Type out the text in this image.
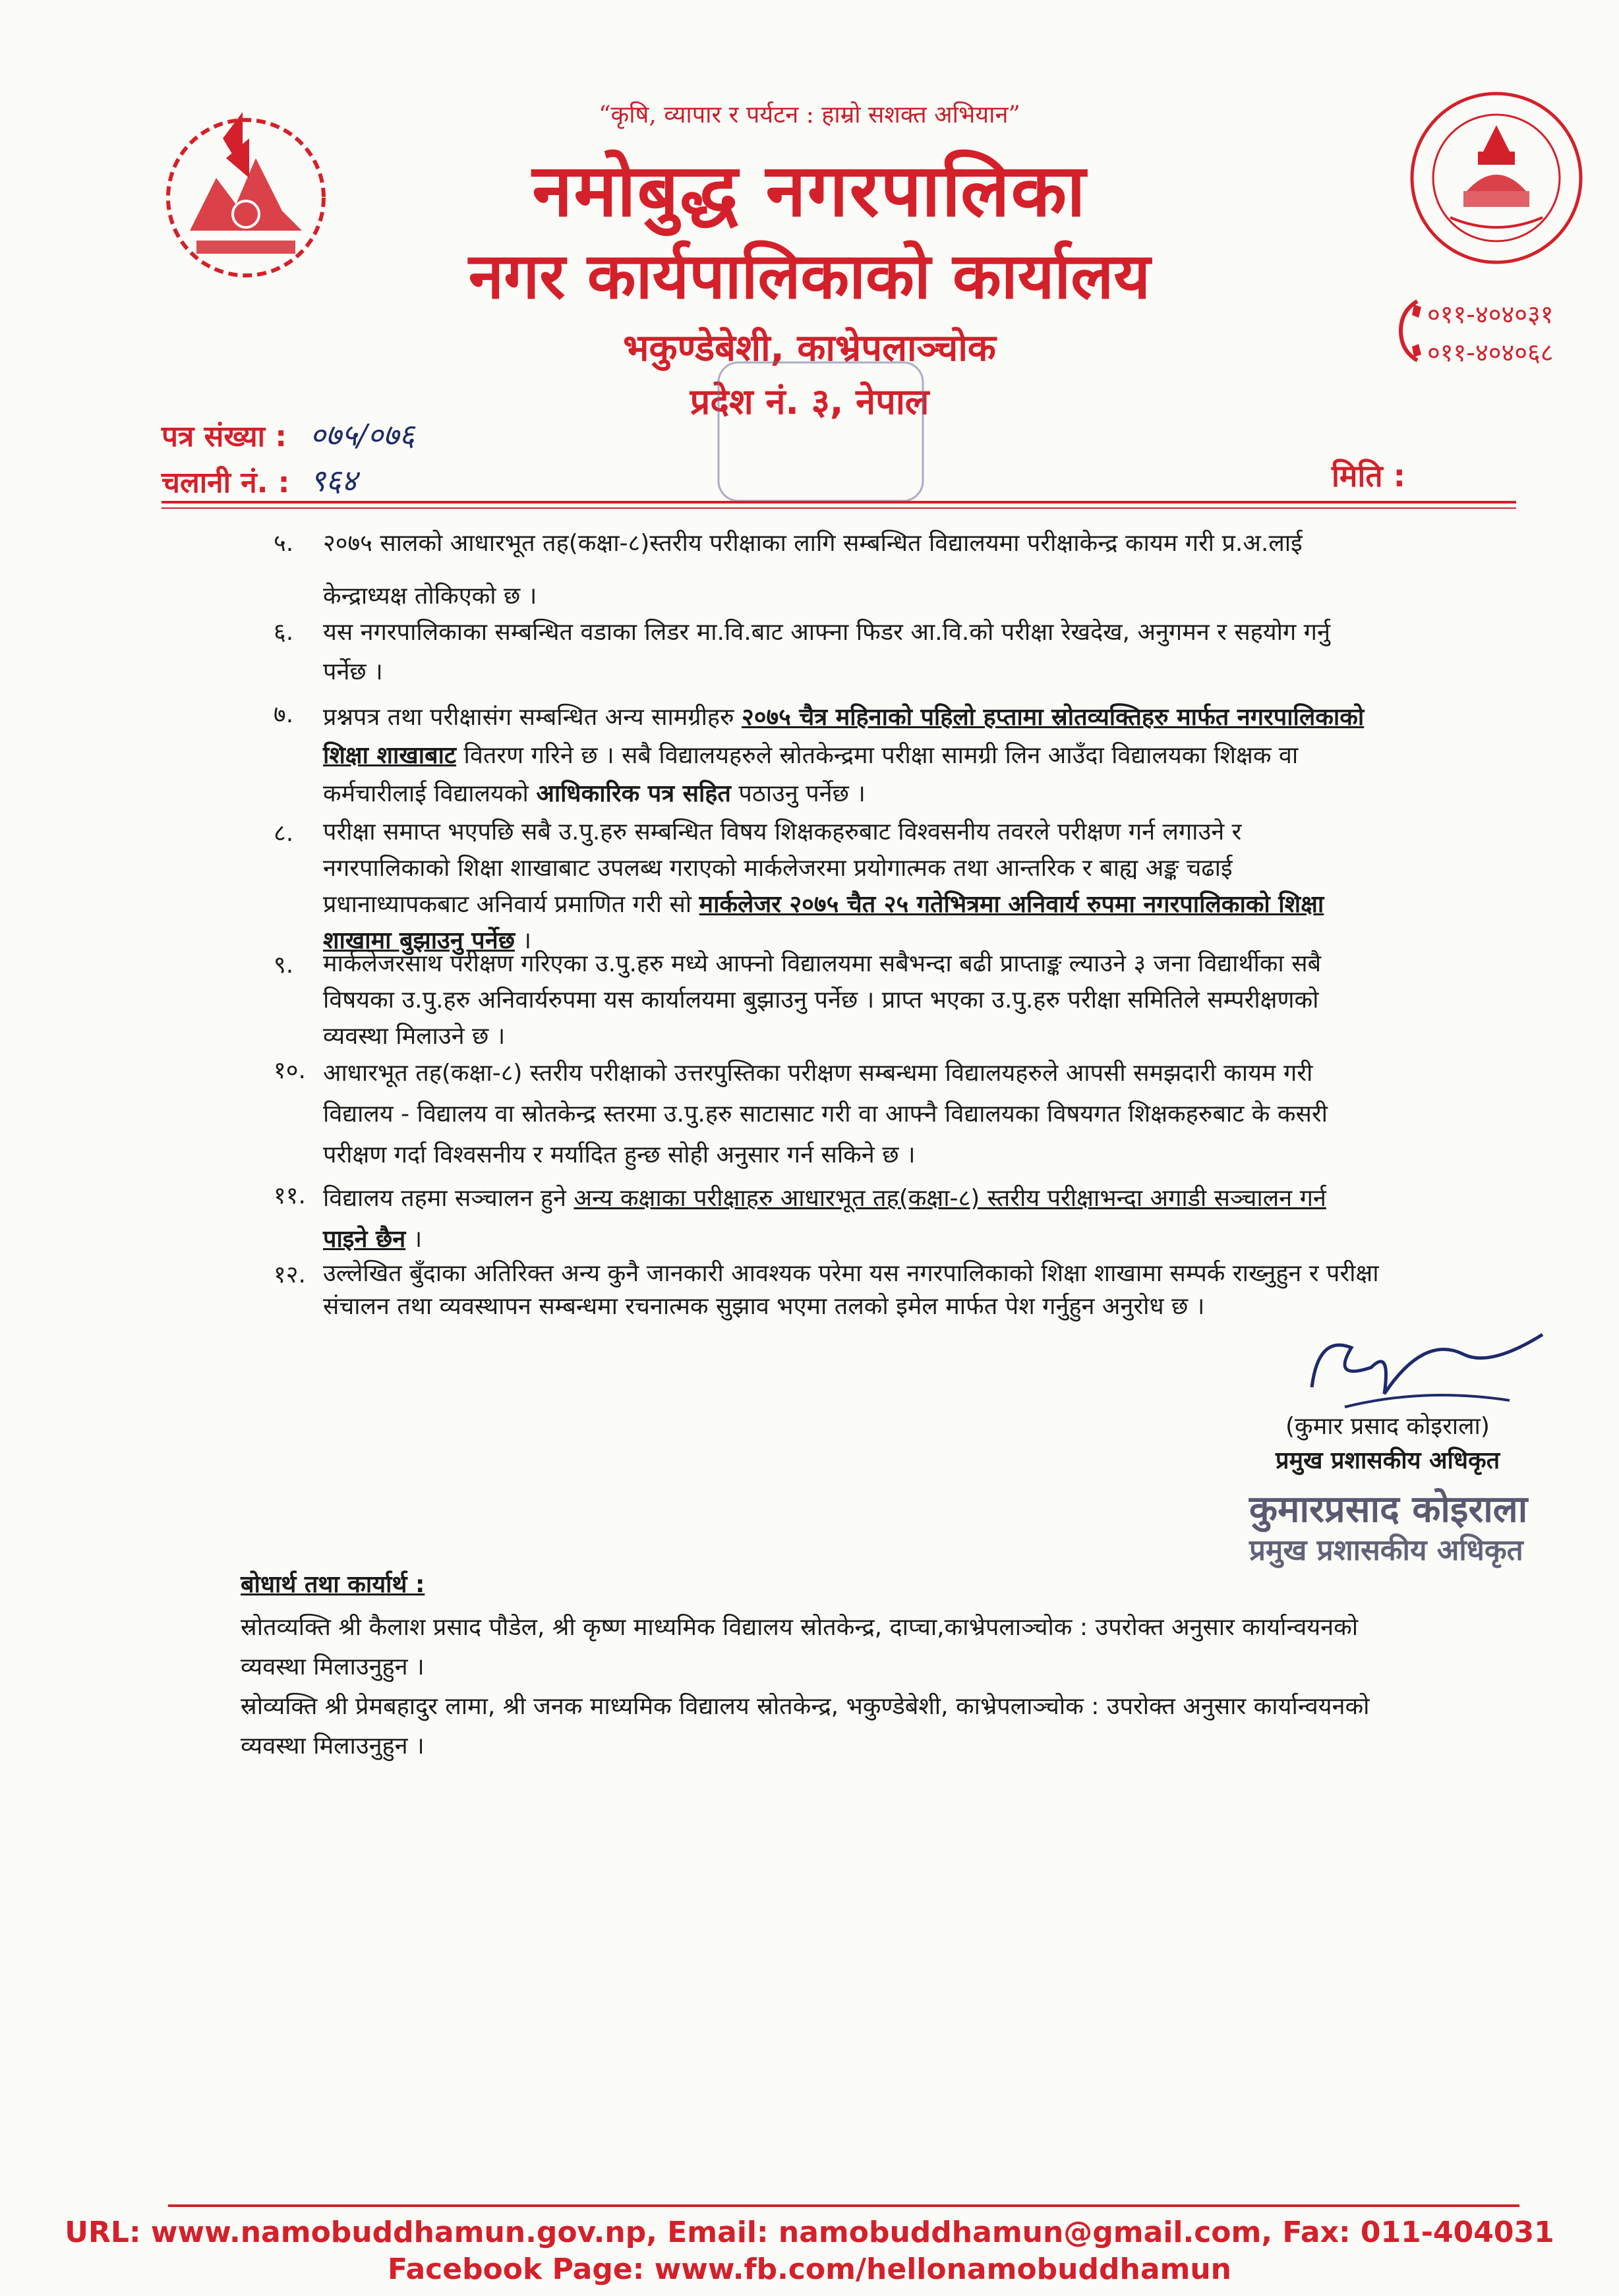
“कृषि, व्यापार र पर्यटन : हाम्रो सशक्त अभियान”
नमोबुद्ध नगरपालिका
नगर कार्यपालिकाको कार्यालय
भकुण्डेबेशी, काभ्रेपलाञ्चोक
प्रदेश नं. ३, नेपाल
०११-४०४०३१
०११-४०४०६८
पत्र संख्या : ०७५/०७६
चलानी नं. : ९६४	मिति :
५.	२०७५ सालको आधारभूत तह(कक्षा-८)स्तरीय परीक्षाका लागि सम्बन्धित विद्यालयमा परीक्षाकेन्द्र कायम गरी प्र.अ.लाई
केन्द्राध्यक्ष तोकिएको छ ।
६.	यस नगरपालिकाका सम्बन्धित वडाका लिडर मा.वि.बाट आफ्ना फिडर आ.वि.को परीक्षा रेखदेख, अनुगमन र सहयोग गर्नु
पर्नेछ ।
७.	प्रश्नपत्र तथा परीक्षासंग सम्बन्धित अन्य सामग्रीहरु २०७५ चैत्र महिनाको पहिलो हप्तामा स्रोतव्यक्तिहरु मार्फत नगरपालिकाको
शिक्षा शाखाबाट वितरण गरिने छ । सबै विद्यालयहरुले स्रोतकेन्द्रमा परीक्षा सामग्री लिन आउँदा विद्यालयका शिक्षक वा
कर्मचारीलाई विद्यालयको आधिकारिक पत्र सहित पठाउनु पर्नेछ ।
८.	परीक्षा समाप्त भएपछि सबै उ.पु.हरु सम्बन्धित विषय शिक्षकहरुबाट विश्वसनीय तवरले परीक्षण गर्न लगाउने र
नगरपालिकाको शिक्षा शाखाबाट उपलब्ध गराएको मार्कलेजरमा प्रयोगात्मक तथा आन्तरिक र बाह्य अङ्क चढाई
प्रधानाध्यापकबाट अनिवार्य प्रमाणित गरी सो मार्कलेजर २०७५ चैत २५ गतेभित्रमा अनिवार्य रुपमा नगरपालिकाको शिक्षा
शाखामा बुझाउनु पर्नेछ ।
९.	मार्कलेजरसाथ परीक्षण गरिएका उ.पु.हरु मध्ये आफ्नो विद्यालयमा सबैभन्दा बढी प्राप्ताङ्क ल्याउने ३ जना विद्यार्थीका सबै
विषयका उ.पु.हरु अनिवार्यरुपमा यस कार्यालयमा बुझाउनु पर्नेछ । प्राप्त भएका उ.पु.हरु परीक्षा समितिले सम्परीक्षणको
व्यवस्था मिलाउने छ ।
१०. आधारभूत तह(कक्षा-८) स्तरीय परीक्षाको उत्तरपुस्तिका परीक्षण सम्बन्धमा विद्यालयहरुले आपसी समझदारी कायम गरी
विद्यालय - विद्यालय वा स्रोतकेन्द्र स्तरमा उ.पु.हरु साटासाट गरी वा आफ्नै विद्यालयका विषयगत शिक्षकहरुबाट के कसरी
परीक्षण गर्दा विश्वसनीय र मर्यादित हुन्छ सोही अनुसार गर्न सकिने छ ।
११. विद्यालय तहमा सञ्चालन हुने अन्य कक्षाका परीक्षाहरु आधारभूत तह(कक्षा-८) स्तरीय परीक्षाभन्दा अगाडी सञ्चालन गर्न
पाइने छैन ।
१२. उल्लेखित बुँदाका अतिरिक्त अन्य कुनै जानकारी आवश्यक परेमा यस नगरपालिकाको शिक्षा शाखामा सम्पर्क राख्नुहुन र परीक्षा
संचालन तथा व्यवस्थापन सम्बन्धमा रचनात्मक सुझाव भएमा तलको इमेल मार्फत पेश गर्नुहुन अनुरोध छ ।
(कुमार प्रसाद कोइराला)
प्रमुख प्रशासकीय अधिकृत
कुमारप्रसाद कोइराला
प्रमुख प्रशासकीय अधिकृत
बोधार्थ तथा कार्यार्थ :
स्रोतव्यक्ति श्री कैलाश प्रसाद पौडेल, श्री कृष्ण माध्यमिक विद्यालय स्रोतकेन्द्र, दाप्चा,काभ्रेपलाञ्चोक : उपरोक्त अनुसार कार्यान्वयनको
व्यवस्था मिलाउनुहुन ।
स्रोव्यक्ति श्री प्रेमबहादुर लामा, श्री जनक माध्यमिक विद्यालय स्रोतकेन्द्र, भकुण्डेबेशी, काभ्रेपलाञ्चोक : उपरोक्त अनुसार कार्यान्वयनको
व्यवस्था मिलाउनुहुन ।
URL: www.namobuddhamun.gov.np, Email: namobuddhamun@gmail.com, Fax: 011-404031
Facebook Page: www.fb.com/hellonamobuddhamun
